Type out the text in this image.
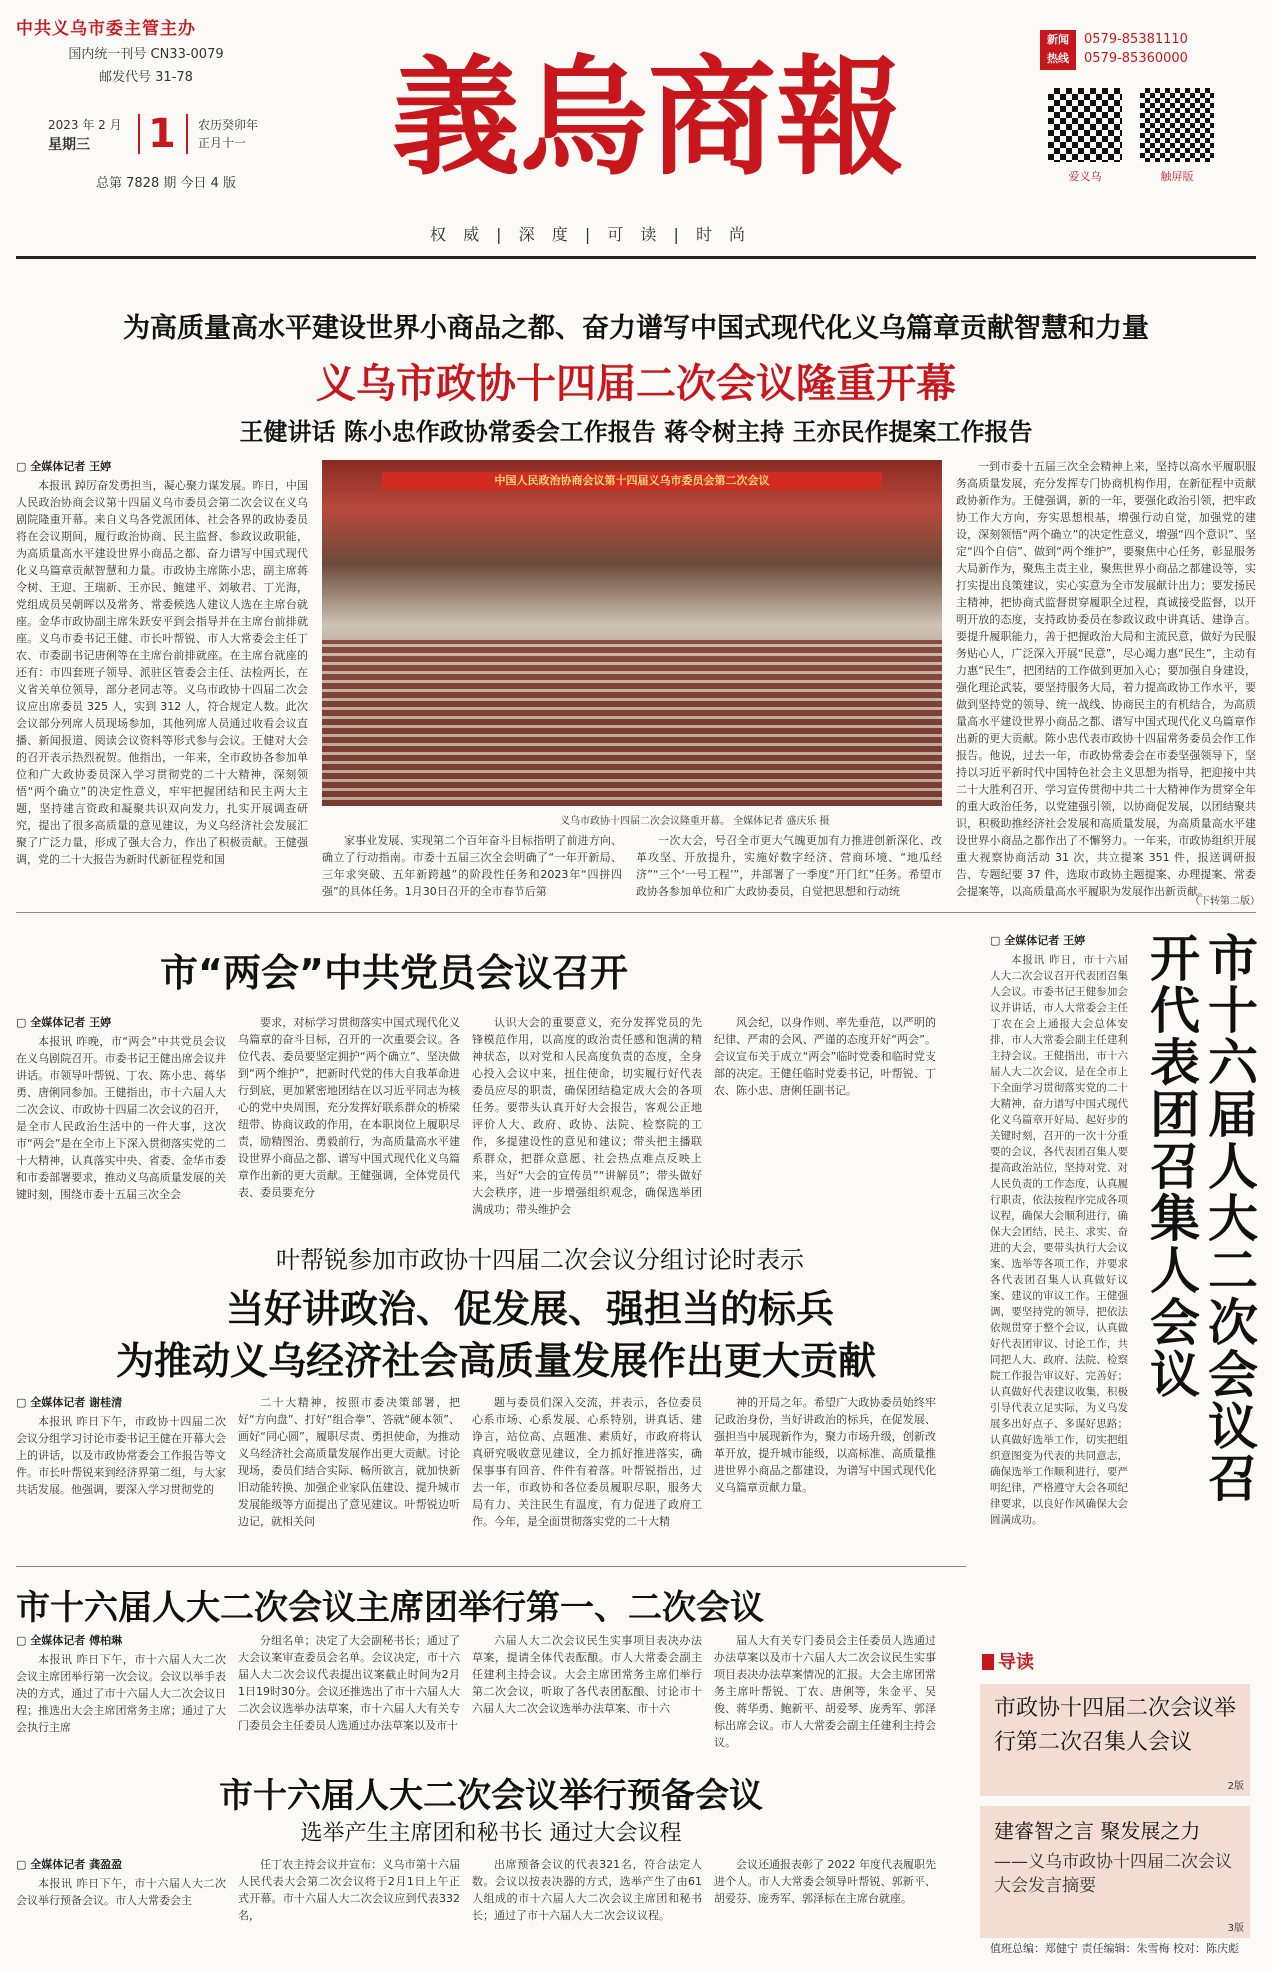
中共义乌市委主管主办
国内统一刊号 CN33-0079
邮发代号 31-78
2023 年 2 月
星期三 1 农历癸卯年
正月十一
总第 7828 期 今日 4 版 義烏商報
权 威 | 深 度 | 可 读 | 时 尚
新闻
热线
0579-85381110
0579-85360000
爱义乌	触屏版
为高质量高水平建设世界小商品之都、奋力谱写中国式现代化义乌篇章贡献智慧和力量
义乌市政协十四届二次会议隆重开幕
王健讲话 陈小忠作政协常委会工作报告 蒋令树主持 王亦民作提案工作报告
▢ 全媒体记者 王婷

本报讯 踔厉奋发勇担当，凝心聚力谋发展。昨日，中国人民政治协商会议第十四届义乌市委员会第二次会议在义乌剧院隆重开幕。来自义乌各党派团体、社会各界的政协委员将在会议期间，履行政治协商、民主监督、参政议政职能，为高质量高水平建设世界小商品之都、奋力谱写中国式现代化义乌篇章贡献智慧和力量。市政协主席陈小忠，副主席蒋令树、王迎、王瑞新、王亦民、鲍建平、刘敏君、丁光海，党组成员吴朝晖以及常务、常委候选人建议人选在主席台就座。金华市政协副主席朱跃安平到会指导并在主席台前排就座。义乌市委书记王健、市长叶帮锐、市人大常委会主任丁农、市委副书记唐俐等在主席台前排就座。在主席台就座的还有：市四套班子领导、派驻区管委会主任、法检两长，在义省关单位领导，部分老同志等。义乌市政协十四届二次会议应出席委员 325 人，实到 312 人，符合规定人数。此次会议部分列席人员现场参加，其他列席人员通过收看会议直播、新闻报道、阅读会议资料等形式参与会议。王健对大会的召开表示热烈祝贺。他指出，一年来，全市政协各参加单位和广大政协委员深入学习贯彻党的二十大精神，深刻领悟“两个确立”的决定性意义，牢牢把握团结和民主两大主题，坚持建言资政和凝聚共识双向发力，扎实开展调查研究，提出了很多高质量的意见建议，为义乌经济社会发展汇聚了广泛力量，形成了强大合力，作出了积极贡献。王健强调，党的二十大报告为新时代新征程党和国

中国人民政治协商会议第十四届义乌市委员会第二次会议
义乌市政协十四届二次会议隆重开幕。 全媒体记者 盛庆乐 摄

家事业发展、实现第二个百年奋斗目标指明了前进方向、确立了行动指南。市委十五届三次全会明确了“一年开新局、三年求突破、五年新跨越”的阶段性任务和2023年“四拼四强”的具体任务。1月30日召开的全市春节后第

一次大会，号召全市更大气魄更加有力推进创新深化、改革攻坚、开放提升，实施好数字经济、营商环境、“地瓜经济”“三个‘一号工程’”，并部署了一季度“开门红”任务。希望市政协各参加单位和广大政协委员，自觉把思想和行动统

一到市委十五届三次全会精神上来，坚持以高水平履职服务高质量发展，充分发挥专门协商机构作用，在新征程中贡献政协新作为。王健强调，新的一年，要强化政治引领，把牢政协工作大方向，夯实思想根基，增强行动自觉，加强党的建设，深刻领悟“两个确立”的决定性意义，增强“四个意识”、坚定“四个自信”、做到“两个维护”，要聚焦中心任务，彰显服务大局新作为，聚焦主责主业，聚焦世界小商品之都建设等，实打实提出良策建议，实心实意为全市发展献计出力；要发扬民主精神，把协商式监督贯穿履职全过程，真诚接受监督，以开明开放的态度，支持政协委员在参政议政中讲真话、建诤言。要提升履职能力，善于把握政治大局和主流民意，做好为民服务贴心人，广泛深入开展“民意”，尽心竭力惠“民生”，主动有力惠“民生”，把团结的工作做到更加入心；要加强自身建设，强化理论武装，要坚持服务大局，着力提高政协工作水平，要做到坚持党的领导、统一战线、协商民主的有机结合，为高质量高水平建设世界小商品之都、谱写中国式现代化义乌篇章作出新的更大贡献。陈小忠代表市政协十四届常务委员会作工作报告。他说，过去一年，市政协常委会在市委坚强领导下，坚持以习近平新时代中国特色社会主义思想为指导，把迎接中共二十大胜利召开、学习宣传贯彻中共二十大精神作为贯穿全年的重大政治任务，以党建强引领，以协商促发展，以团结聚共识，积极助推经济社会发展和高质量发展，为高质量高水平建设世界小商品之都作出了不懈努力。一年来，市政协组织开展重大视察协商活动 31 次，共立提案 351 件，报送调研报告、专题纪要 37 件，选取市政协主题提案、办理提案、常委会提案等，以高质量高水平履职为发展作出新贡献。

（下转第二版）
市“两会”中共党员会议召开
▢ 全媒体记者 王婷

本报讯 昨晚，市“两会”中共党员会议在义乌剧院召开。市委书记王健出席会议并讲话。市领导叶帮锐、丁农、陈小忠、蒋华勇、唐俐同参加。王健指出，市十六届人大二次会议、市政协十四届二次会议的召开，是全市人民政治生活中的一件大事，这次市“两会”是在全市上下深入贯彻落实党的二十大精神，认真落实中央、省委、金华市委和市委部署要求，推动义乌高质量发展的关键时刻，围绕市委十五届三次全会

要求，对标学习贯彻落实中国式现代化义乌篇章的奋斗目标，召开的一次重要会议。各位代表、委员要坚定拥护“两个确立”、坚决做到“两个维护”，把新时代党的伟大自我革命进行到底，更加紧密地团结在以习近平同志为核心的党中央周围，充分发挥好联系群众的桥梁纽带、协商议政的作用，在本职岗位上履职尽责，励精图治、勇毅前行，为高质量高水平建设世界小商品之都、谱写中国式现代化义乌篇章作出新的更大贡献。王健强调，全体党员代表、委员要充分

认识大会的重要意义，充分发挥党员的先锋模范作用，以高度的政治责任感和饱满的精神状态，以对党和人民高度负责的态度，全身心投入会议中来，扭住使命，切实履行好代表委员应尽的职责，确保团结稳定成大会的各项任务。要带头认真开好大会报告，客观公正地评价人大、政府、政协、法院、检察院的工作，多提建设性的意见和建议；带头把主播联系群众，把群众意愿、社会热点难点反映上来，当好“大会的宣传员”“讲解员”；带头做好大会秩序，进一步增强组织观念，确保选举团满成功；带头维护会

风会纪，以身作则、率先垂范，以严明的纪律、严肃的会风、严谨的态度开好“两会”。会议宣布关于成立“两会”临时党委和临时党支部的决定。王健任临时党委书记，叶帮锐、丁农、陈小忠、唐俐任副书记。

▢ 全媒体记者 王婷	市十六届人大二次会议召开代表团召集人会议

本报讯 昨日，市十六届人大二次会议召开代表团召集人会议。市委书记王健参加会议并讲话，市人大常委会主任丁农在会上通报大会总体安排，市人大常委会副主任建利主持会议。王健指出，市十六届人大二次会议，是在全市上下全面学习贯彻落实党的二十大精神，奋力谱写中国式现代化义乌篇章开好局、起好步的关键时刻，召开的一次十分重要的会议，各代表团召集人要提高政治站位，坚持对党、对人民负责的工作态度，认真履行职责，依法按程序完成各项议程，确保大会顺利进行，确保大会团结、民主、求实、奋进的大会，要带头执行大会议案、选举等各项工作，并要求各代表团召集人认真做好议案、建议的审议工作。王健强调，要坚持党的领导，把依法依规贯穿于整个会议，认真做好代表团审议、讨论工作，共同把人大、政府、法院、检察院工作报告审议好、完善好；认真做好代表建议收集，积极引导代表立足实际，为义乌发展多出好点子、多谋好思路；认真做好选举工作，切实把组织意图变为代表的共同意志，确保选举工作顺利进行，要严明纪律，严格遵守大会各项纪律要求，以良好作风确保大会圆满成功。

叶帮锐参加市政协十四届二次会议分组讨论时表示
当好讲政治、促发展、强担当的标兵
为推动义乌经济社会高质量发展作出更大贡献
▢ 全媒体记者 谢桂清

本报讯 昨日下午，市政协十四届二次会议分组学习讨论市委书记王健在开幕大会上的讲话，以及市政协常委会工作报告等文件。市长叶帮锐来到经济界第二组，与大家共话发展。他强调，要深入学习贯彻党的

二十大精神，按照市委决策部署，把好“方向盘”、打好“组合拳”、答就“硬本领”、画好“同心圆”，履职尽责、勇担使命，为推动义乌经济社会高质量发展作出更大贡献。讨论现场，委员们结合实际、畅所欲言，就加快新旧动能转换、加强企业家队伍建设、提升城市发展能级等方面提出了意见建议。叶帮锐边听边记，就相关问

题与委员们深入交流，并表示，各位委员心系市场、心系发展、心系特别，讲真话、建诤言，站位高、点题准、素质好，市政府将认真研究吸收意见建议，全力抓好推进落实，确保事事有回音、件件有着落。叶帮锐指出，过去一年，市政协和各位委员履职尽职，服务大局有力、关注民生有温度，有力促进了政府工作。今年，是全面贯彻落实党的二十大精

神的开局之年。希望广大政协委员始终牢记政治身份，当好讲政治的标兵，在促发展、强担当中展现新作为，聚力市场升级，创新改革开放，提升城市能级，以高标准、高质量推进世界小商品之都建设，为谱写中国式现代化义乌篇章贡献力量。

市十六届人大二次会议主席团举行第一、二次会议
▢ 全媒体记者 傅柏琳

本报讯 昨日下午，市十六届人大二次会议主席团举行第一次会议。会议以举手表决的方式，通过了市十六届人大二次会议日程；推选出大会主席团常务主席；通过了大会执行主席

分组名单；决定了大会副秘书长；通过了大会议案审查委员会名单。会议决定，市十六届人大二次会议代表提出议案截止时间为2月1日19时30分。会议还推选出了市十六届人大二次会议选举办法草案，市十六届人大有关专门委员会主任委员人选通过办法草案以及市十

六届人大二次会议民生实事项目表决办法草案，提请全体代表酝酿。市人大常委会副主任建利主持会议。大会主席团常务主席们举行第二次会议，听取了各代表团酝酿、讨论市十六届人大二次会议选举办法草案、市十六

届人大有关专门委员会主任委员人选通过办法草案以及市十六届人大二次会议民生实事项目表决办法草案情况的汇报。大会主席团常务主席叶帮锐、丁农、唐俐等，朱金平、吴俊、蒋华勇、鲍新平、胡爱琴、庞秀军、郭泽标出席会议。市人大常委会副主任建利主持会议。

市十六届人大二次会议举行预备会议
选举产生主席团和秘书长 通过大会议程
▢ 全媒体记者 龚盈盈

本报讯 昨日下午，市十六届人大二次会议举行预备会议。市人大常委会主

任丁农主持会议并宣布：义乌市第十六届人民代表大会第二次会议将于2月1日上午正式开幕。市十六届人大二次会议应到代表332名，

出席预备会议的代表321名，符合法定人数。会议以按表决器的方式，选举产生了由61人组成的市十六届人大二次会议主席团和秘书长；通过了市十六届人大二次会议议程。

会议还通报表彰了 2022 年度代表履职先进个人。市人大常委会领导叶帮锐、郭新平、胡爱芬、庞秀军、郭泽标在主席台就座。

导读
市政协十四届二次会议举行第二次召集人会议
2版
建睿智之言 聚发展之力
——义乌市政协十四届二次会议大会发言摘要
3版
值班总编：郑健宁 责任编辑：朱雪梅 校对：陈庆彪
